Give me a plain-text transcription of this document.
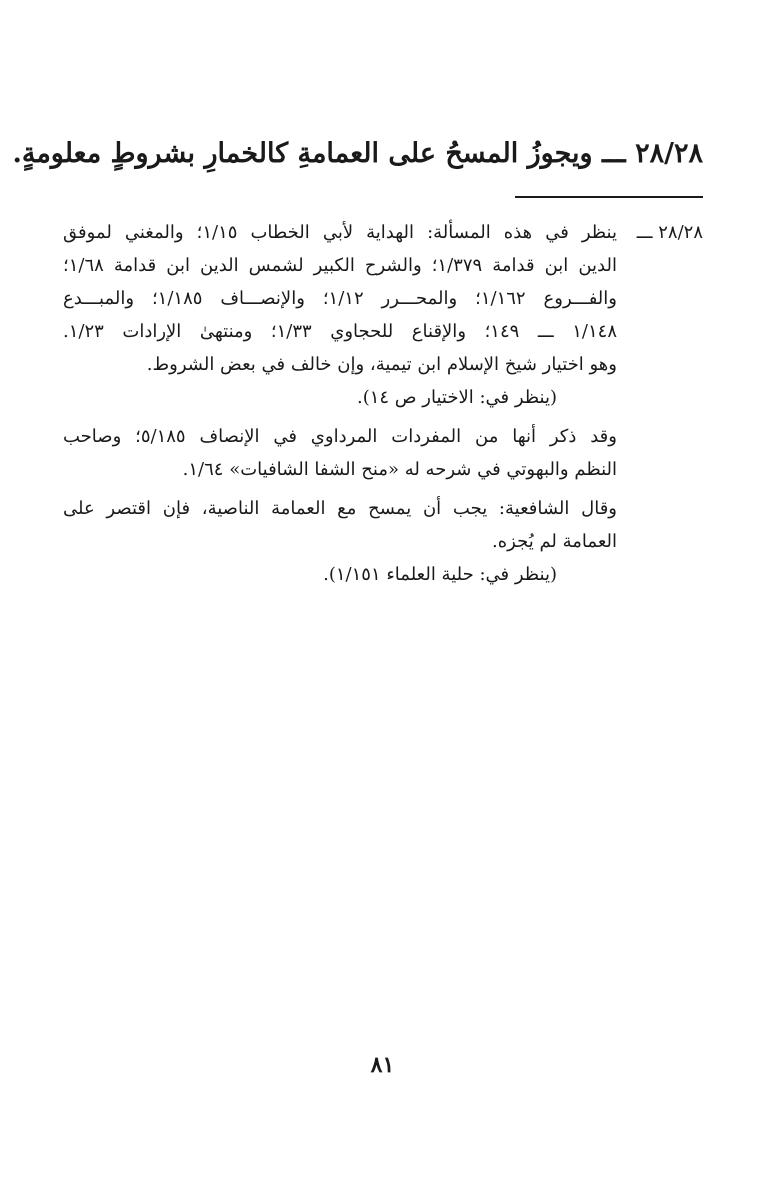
٢٨/٢٨ ـــ ويجوزُ المسحُ على العمامةِ كالخمارِ بشروطٍ معلومةٍ.
٢٨/٢٨ ـــ
ينظر في هذه المسألة: الهداية لأبي الخطاب ١/١٥؛ والمغني لموفق
الدين ابن قدامة ١/٣٧٩؛ والشرح الكبير لشمس الدين ابن قدامة ١/٦٨؛
والفـــروع ١/١٦٢؛ والمحـــرر ١/١٢؛ والإنصـــاف ١/١٨٥؛ والمبـــدع
١/١٤٨ ـــ ١٤٩؛ والإقناع للحجاوي ١/٣٣؛ ومنتهىٰ الإرادات ١/٢٣.
وهو اختيار شيخ الإسلام ابن تيمية، وإن خالف في بعض الشروط.
(ينظر في: الاختيار ص ١٤).
وقد ذكر أنها من المفردات المرداوي في الإنصاف ٥/١٨٥؛ وصاحب
النظم والبهوتي في شرحه له «منح الشفا الشافيات» ١/٦٤.
وقال الشافعية: يجب أن يمسح مع العمامة الناصية، فإن اقتصر على
العمامة لم يُجزه.
(ينظر في: حلية العلماء ١/١٥١).
٨١
